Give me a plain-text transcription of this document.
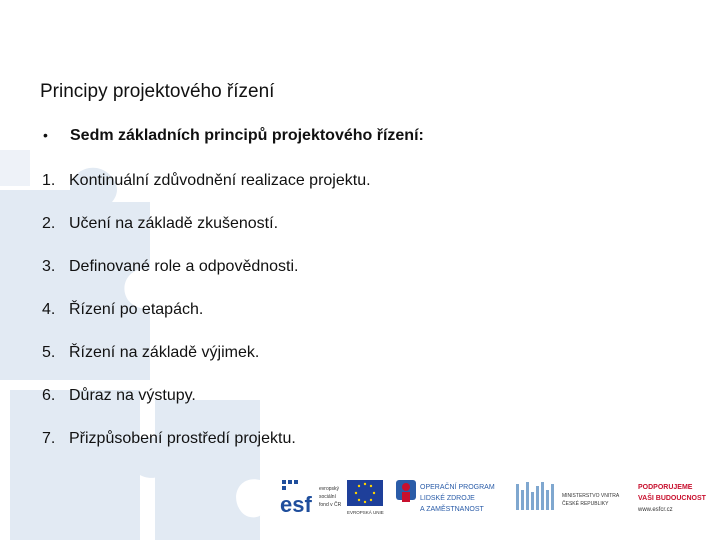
Principy projektového řízení
•	Sedm základních principů projektového řízení:
1. Kontinuální zdůvodnění realizace projektu.
2. Učení na základě zkušeností.
3. Definované role a odpovědnosti.
4. Řízení po etapách.
5. Řízení na základě výjimek.
6. Důraz na výstupy.
7. Přizpůsobení prostředí projektu.
esf
evropský
sociální
fond v ČR
EVROPSKÁ UNIE
OPERAČNÍ PROGRAM
LIDSKÉ ZDROJE
A ZAMĚSTNANOST
MINISTERSTVO VNITRA
ČESKÉ REPUBLIKY
PODPORUJEME
VAŠI BUDOUCNOST
www.esfcr.cz
